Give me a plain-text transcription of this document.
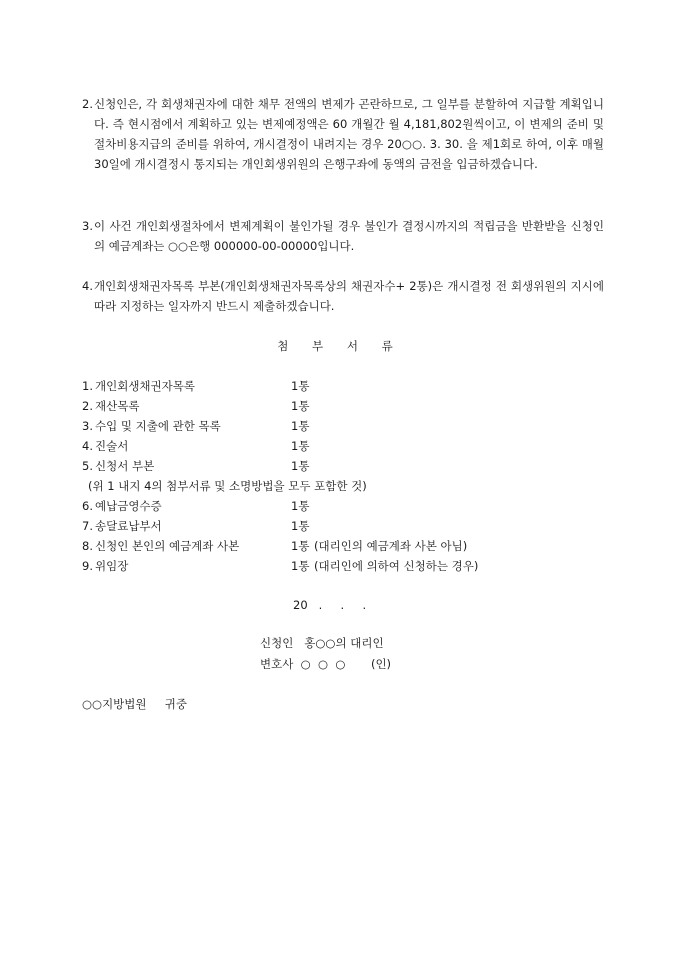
2. 신청인은, 각 회생채권자에 대한 채무 전액의 변제가 곤란하므로, 그 일부를 분할하여 지급할 계획입니다. 즉 현시점에서 계획하고 있는 변제예정액은 60 개월간 월 4,181,802원씩이고, 이 변제의 준비 및 절차비용지급의 준비를 위하여, 개시결정이 내려지는 경우 20○○. 3. 30. 을 제1회로 하여, 이후 매월 30일에 개시결정시 통지되는 개인회생위원의 은행구좌에 동액의 금전을 입금하겠습니다.
3. 이 사건 개인회생절차에서 변제계획이 불인가될 경우 불인가 결정시까지의 적립금을 반환받을 신청인의 예금계좌는 ○○은행 000000-00-00000입니다.
4. 개인회생채권자목록 부본(개인회생채권자목록상의 채권자수+ 2통)은 개시결정 전 회생위원의 지시에 따라 지정하는 일자까지 반드시 제출하겠습니다.
첨 부 서 류
1. 개인회생채권자목록	1통
2. 재산목록	1통
3. 수입 및 지출에 관한 목록	1통
4. 진술서	1통
5. 신청서 부본	1통
(위 1 내지 4의 첨부서류 및 소명방법을 모두 포함한 것)
6. 예납금영수증	1통
7. 송달료납부서	1통
8. 신청인 본인의 예금계좌 사본	1통 (대리인의 예금계좌 사본 아님)
9. 위임장	1통 (대리인에 의하여 신청하는 경우)
20   .     .     .
신청인   홍○○의 대리인
변호사  ○  ○  ○       (인)
○○지방법원     귀중
